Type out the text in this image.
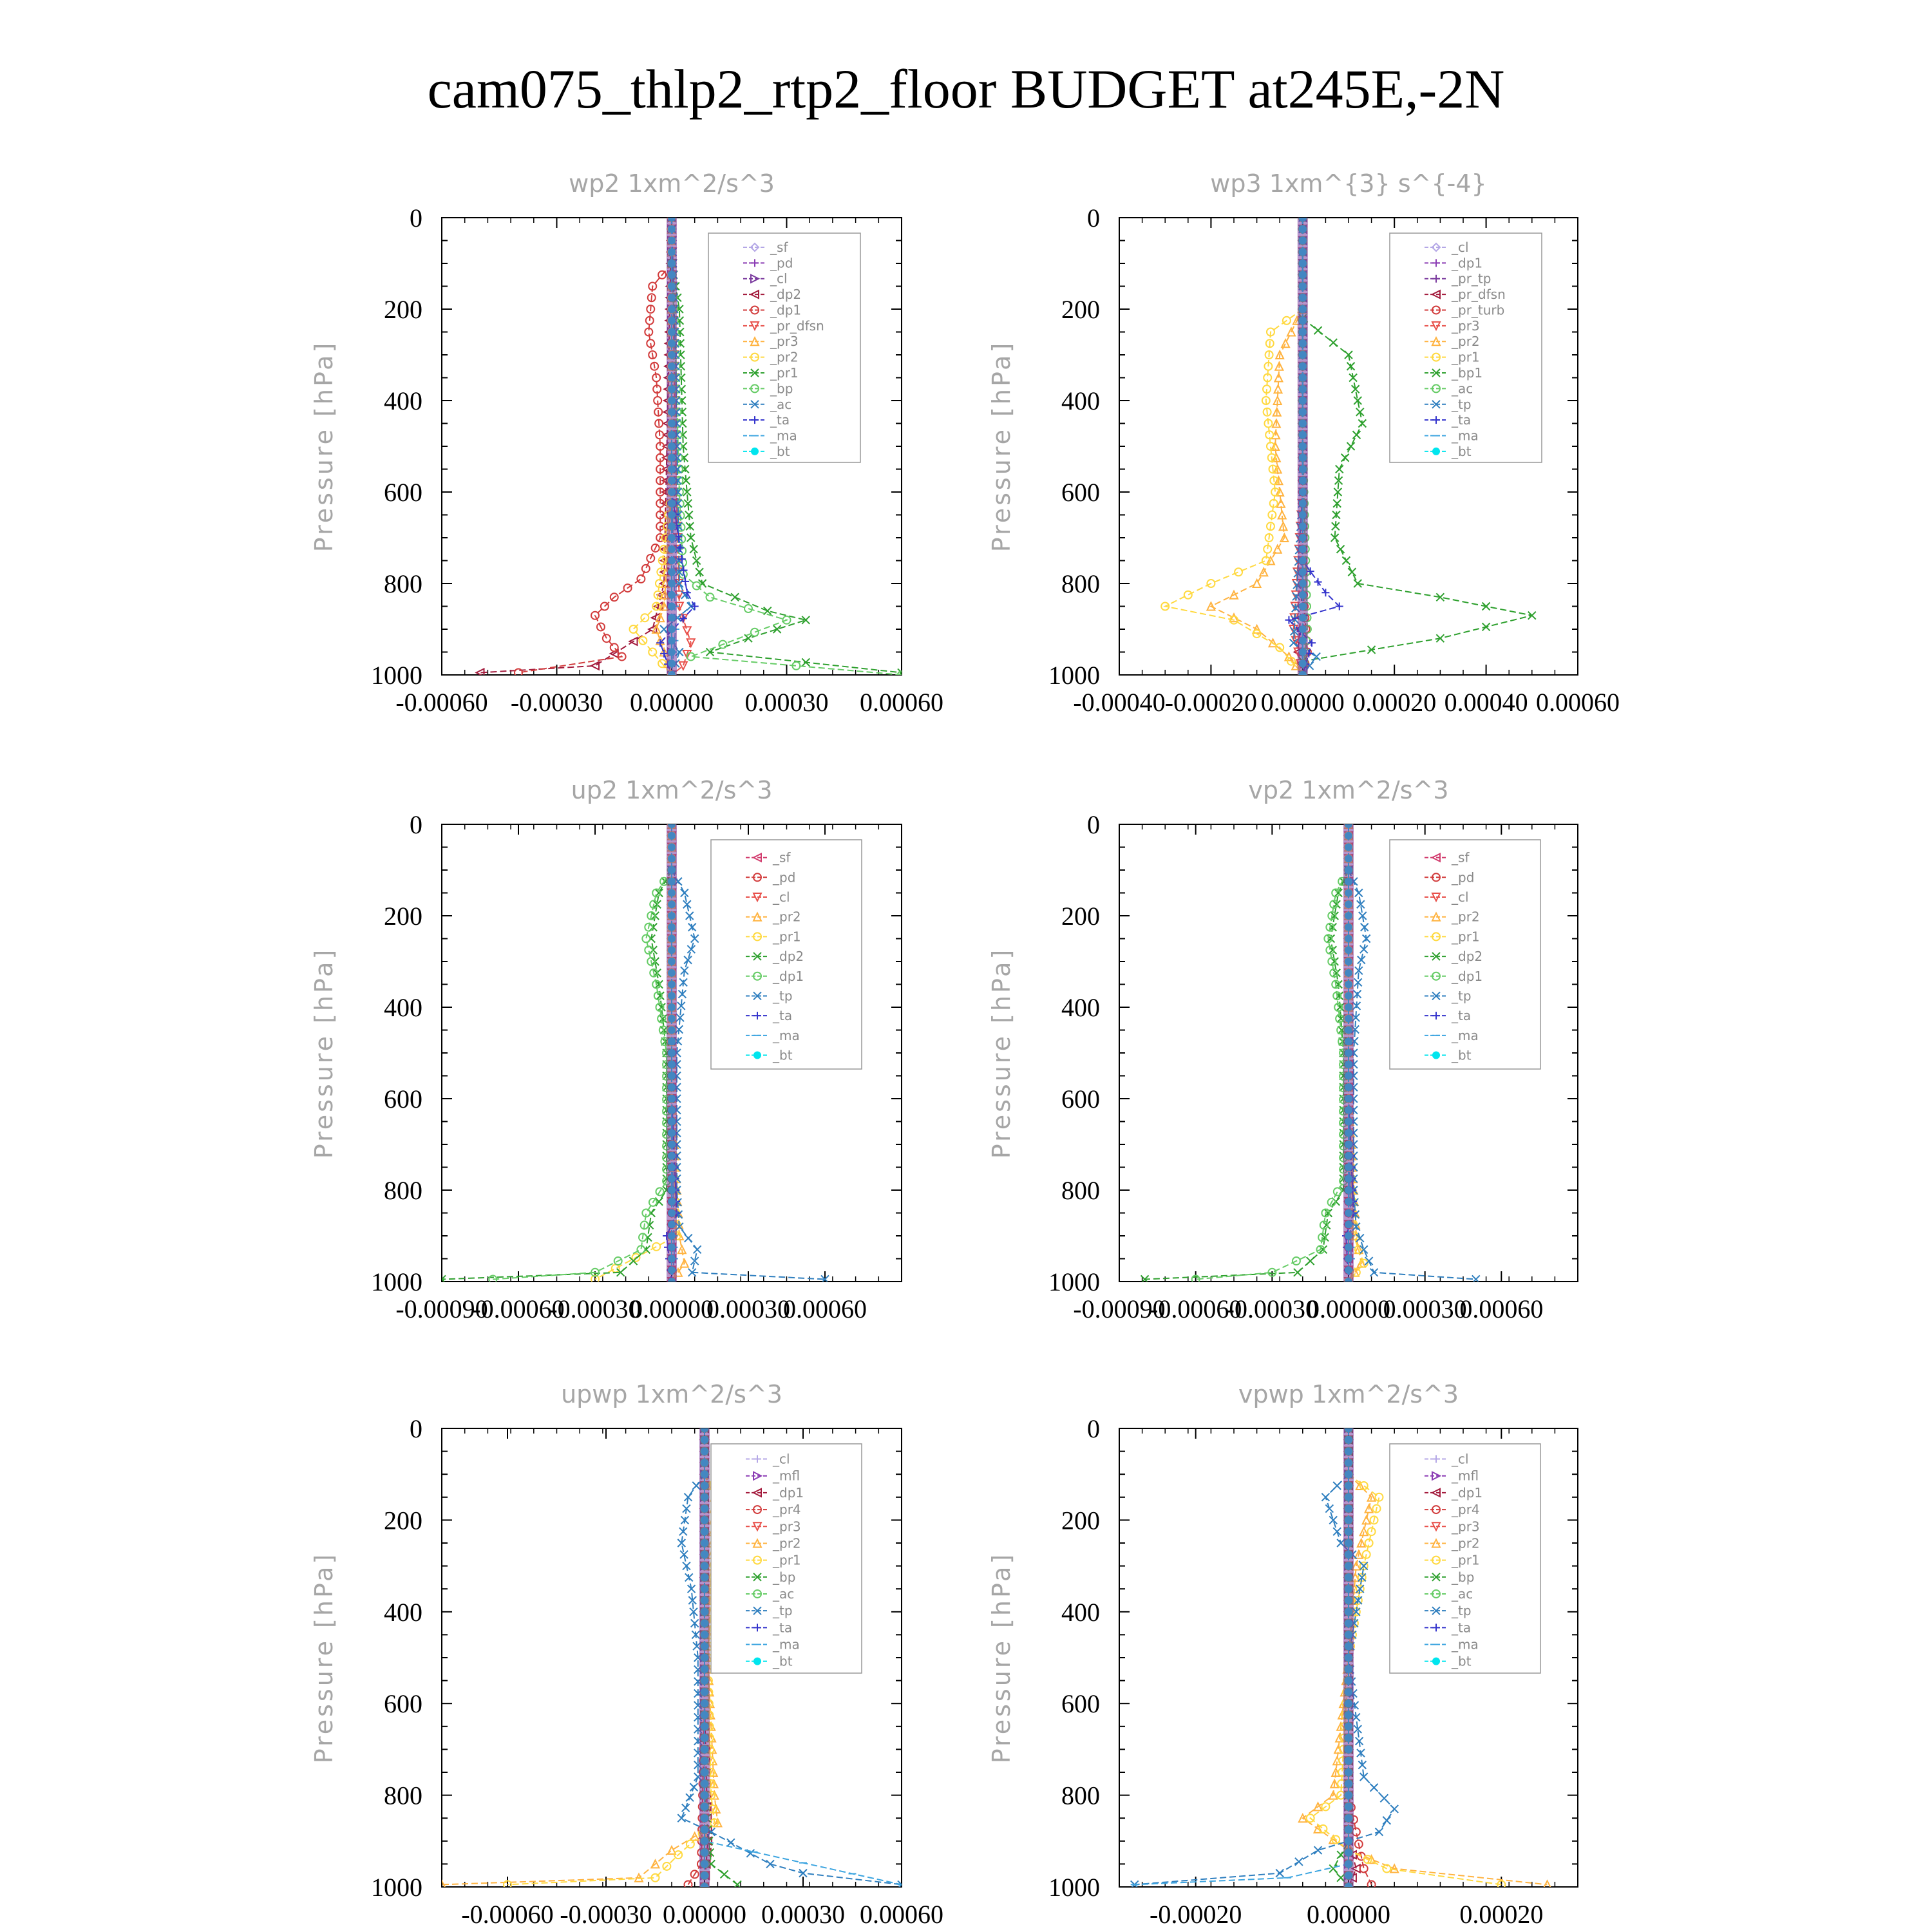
cam075_thlp2_rtp2_floor BUDGET at245E,-2N
wp2 1xm^2/s^3
Pressure [hPa]
0
200
400
600
800
1000
-0.00060 -0.00030 0.00000 0.00030 0.00060
_sf
_pd
_cl
_dp2
_dp1
_pr_dfsn
_pr3
_pr2
_pr1
_bp
_ac
_ta
_ma
_bt
wp3 1xm^{3} s^{-4}
Pressure [hPa]
0
200
400
600
800
1000
-0.00040 -0.00020 0.00000 0.00020 0.00040 0.00060
_cl
_dp1
_pr_tp
_pr_dfsn
_pr_turb
_pr3
_pr2
_pr1
_bp1
_ac
_tp
_ta
_ma
_bt
up2 1xm^2/s^3
Pressure [hPa]
0
200
400
600
800
1000
-0.00090
-0.00060
-0.00030
0.00000
0.00030
0.00060
_sf
_pd
_cl
_pr2
_pr1
_dp2
_dp1
_tp
_ta
_ma
_bt
vp2 1xm^2/s^3
Pressure [hPa]
0
200
400
600
800
1000
-0.00090
-0.00060
-0.00030
0.00000
0.00030
0.00060
_sf
_pd
_cl
_pr2
_pr1
_dp2
_dp1
_tp
_ta
_ma
_bt
upwp 1xm^2/s^3
Pressure [hPa]
0
200
400
600
800
1000
-0.00060 -0.00030 0.00000 0.00030 0.00060
_cl
_mfl
_dp1
_pr4
_pr3
_pr2
_pr1
_bp
_ac
_tp
_ta
_ma
_bt
vpwp 1xm^2/s^3
Pressure [hPa]
0
200
400
600
800
1000
-0.00020	0.00000	0.00020
_cl
_mfl
_dp1
_pr4
_pr3
_pr2
_pr1
_bp
_ac
_tp
_ta
_ma
_bt
